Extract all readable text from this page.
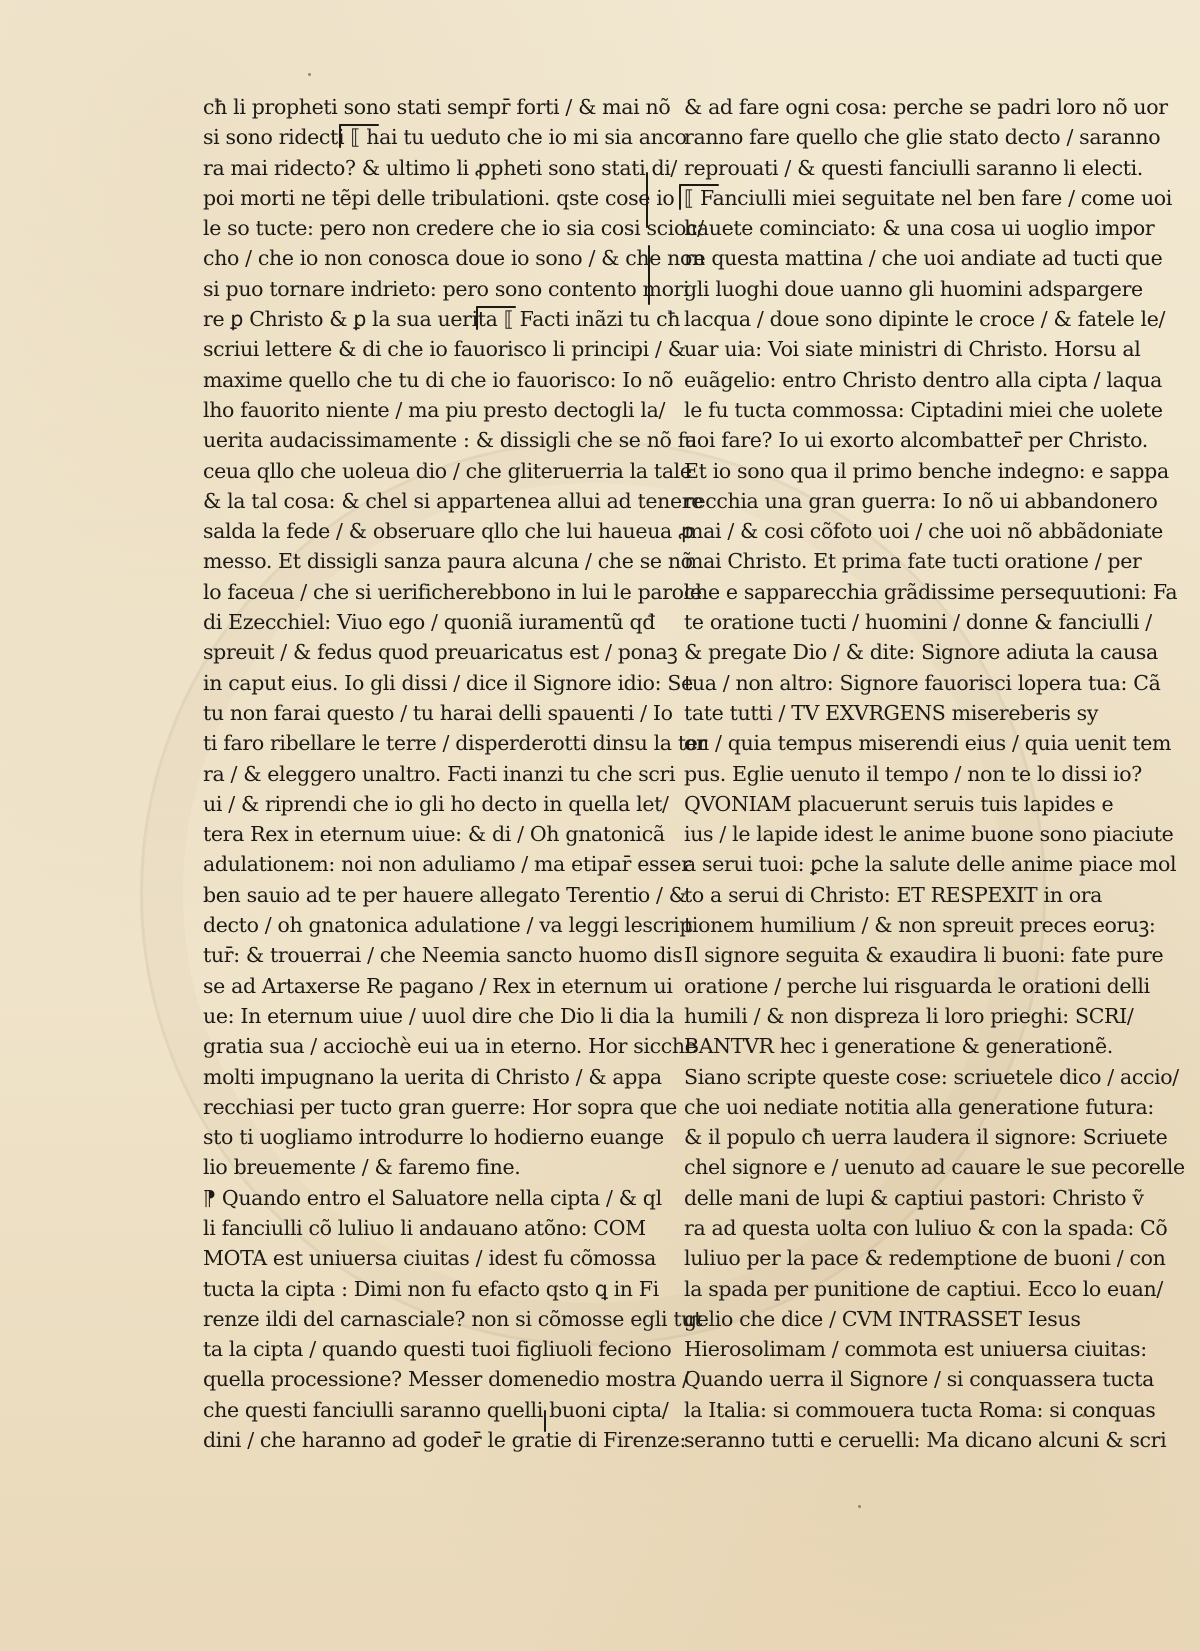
cħ li propheti sono stati sempr̄ forti / & mai nõ
si sono ridecti ⟦ hai tu ueduto che io mi sia anco
ra mai ridecto? & ultimo li ꝓpheti sono stati di/
poi morti ne tẽpi delle tribulationi. qste cose io
le so tucte: pero non credere che io sia cosi scioc/
cho / che io non conosca doue io sono / & che non
si puo tornare indrieto: pero sono contento mori
re ꝑ Christo & ꝑ la sua uerita ⟦ Facti inãzi tu cħ
scriui lettere & di che io fauorisco li principi / &
maxime quello che tu di che io fauorisco: Io nõ
lho fauorito niente / ma piu presto dectogli la/
uerita audacissimamente : & dissigli che se nõ fa
ceua qllo che uoleua dio / che gliteruerria la tale
& la tal cosa: & chel si appartenea allui ad tenere
salda la fede / & obseruare qllo che lui haueua ꝓ
messo. Et dissigli sanza paura alcuna / che se nõ
lo faceua / che si uerificherebbono in lui le parole
di Ezecchiel: Viuo ego / quoniã iuramentũ qđ
spreuit / & fedus quod preuaricatus est / ponaꝫ
in caput eius. Io gli dissi / dice il Signore idio: Se
tu non farai questo / tu harai delli spauenti / Io
ti faro ribellare le terre / disperderotti dinsu la ter
ra / & eleggero unaltro. Facti inanzi tu che scri
ui / & riprendi che io gli ho decto in quella let/
tera Rex in eternum uiue: & di / Oh gnatonicã
adulationem: noi non aduliamo / ma etipar̄ esser
ben sauio ad te per hauere allegato Terentio / &
decto / oh gnatonica adulatione / va leggi lescrip
tur̄: & trouerrai / che Neemia sancto huomo dis
se ad Artaxerse Re pagano / Rex in eternum ui
ue: In eternum uiue / uuol dire che Dio li dia la
gratia sua / acciochè eui ua in eterno. Hor sicche
molti impugnano la uerita di Christo / & appa
recchiasi per tucto gran guerre: Hor sopra que
sto ti uogliamo introdurre lo hodierno euange
lio breuemente / & faremo fine.
⁋ Quando entro el Saluatore nella cipta / & ql
li fanciulli cõ luliuo li andauano atõno: COM
MOTA est uniuersa ciuitas / idest fu cõmossa
tucta la cipta : Dimi non fu efacto qsto ꝗ in Fi
renze ildi del carnasciale? non si cõmosse egli tut
ta la cipta / quando questi tuoi figliuoli feciono
quella processione? Messer domenedio mostra /
che questi fanciulli saranno quelli buoni cipta/
dini / che haranno ad goder̄ le gratie di Firenze:
& ad fare ogni cosa: perche se padri loro nõ uor
ranno fare quello che glie stato decto / saranno
reprouati / & questi fanciulli saranno li electi.
⟦ Fanciulli miei seguitate nel ben fare / come uoi
hauete cominciato: & una cosa ui uoglio impor
re questa mattina / che uoi andiate ad tucti que
gli luoghi doue uanno gli huomini adspargere
lacqua / doue sono dipinte le croce / & fatele le/
uar uia: Voi siate ministri di Christo. Horsu al
euãgelio: entro Christo dentro alla cipta / laqua
le fu tucta commossa: Ciptadini miei che uolete
uoi fare? Io ui exorto alcombatter̄ per Christo.
Et io sono qua il primo benche indegno: e sappa
recchia una gran guerra: Io nõ ui abbandonero
mai / & cosi cõfoto uoi / che uoi nõ abbãdoniate
mai Christo. Et prima fate tucti oratione / per
che e sapparecchia grãdissime persequutioni: Fa
te oratione tucti / huomini / donne & fanciulli /
& pregate Dio / & dite: Signore adiuta la causa
tua / non altro: Signore fauorisci lopera tua: Cã
tate tutti / TV EXVRGENS misereberis sy
on / quia tempus miserendi eius / quia uenit tem
pus. Eglie uenuto il tempo / non te lo dissi io?
QVONIAM placuerunt seruis tuis lapides e
ius / le lapide idest le anime buone sono piaciute
a serui tuoi: ꝑche la salute delle anime piace mol
to a serui di Christo: ET RESPEXIT in ora
tionem humilium / & non spreuit preces eoruꝫ:
Il signore seguita & exaudira li buoni: fate pure
oratione / perche lui risguarda le orationi delli
humili / & non dispreza li loro prieghi: SCRI/
BANTVR hec i generatione & generationẽ.
Siano scripte queste cose: scriuetele dico / accio/
che uoi nediate notitia alla generatione futura:
& il populo cħ uerra laudera il signore: Scriuete
chel signore e / uenuto ad cauare le sue pecorelle
delle mani de lupi & captiui pastori: Christo ṽ
ra ad questa uolta con luliuo & con la spada: Cõ
luliuo per la pace & redemptione de buoni / con
la spada per punitione de captiui. Ecco lo euan/
gelio che dice / CVM INTRASSET Iesus
Hierosolimam / commota est uniuersa ciuitas:
Quando uerra il Signore / si conquassera tucta
la Italia: si commouera tucta Roma: si conquas
seranno tutti e ceruelli: Ma dicano alcuni & scri
